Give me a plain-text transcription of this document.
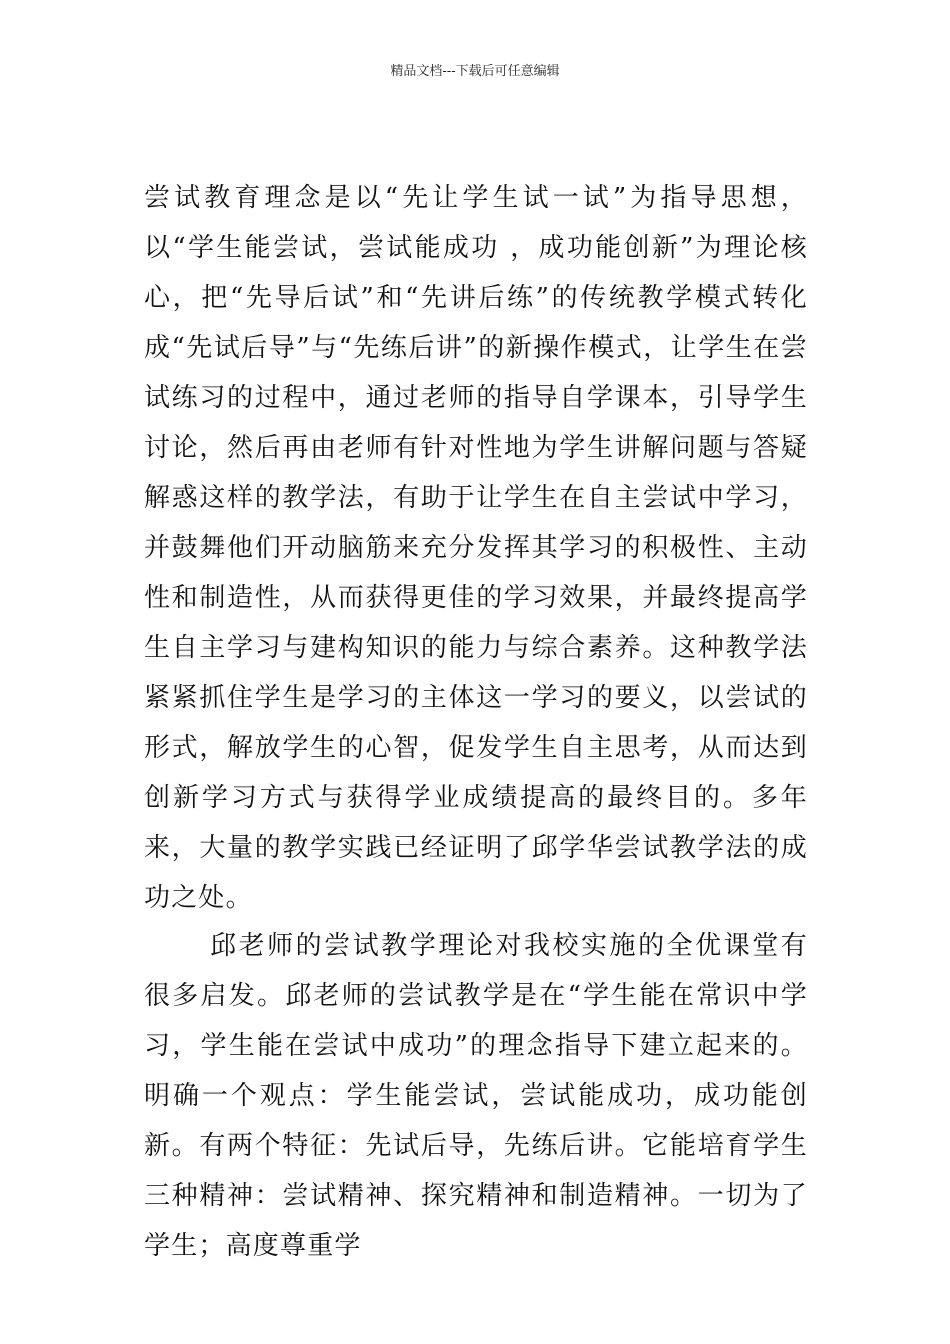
精品文档---下载后可任意编辑

尝试教育理念是以“先让学生试一试”为指导思想，以“学生能尝试，尝试能成功 ，成功能创新”为理论核心，把“先导后试”和“先讲后练”的传统教学模式转化成“先试后导”与“先练后讲”的新操作模式，让学生在尝试练习的过程中，通过老师的指导自学课本，引导学生讨论，然后再由老师有针对性地为学生讲解问题与答疑解惑这样的教学法，有助于让学生在自主尝试中学习，并鼓舞他们开动脑筋来充分发挥其学习的积极性、主动性和制造性，从而获得更佳的学习效果，并最终提高学生自主学习与建构知识的能力与综合素养。这种教学法紧紧抓住学生是学习的主体这一学习的要义，以尝试的形式，解放学生的心智，促发学生自主思考，从而达到创新学习方式与获得学业成绩提高的最终目的。多年来，大量的教学实践已经证明了邱学华尝试教学法的成功之处。

邱老师的尝试教学理论对我校实施的全优课堂有很多启发。邱老师的尝试教学是在“学生能在常识中学习，学生能在尝试中成功”的理念指导下建立起来的。明确一个观点：学生能尝试，尝试能成功，成功能创新。有两个特征：先试后导，先练后讲。它能培育学生三种精神：尝试精神、探究精神和制造精神。一切为了学生；高度尊重学
